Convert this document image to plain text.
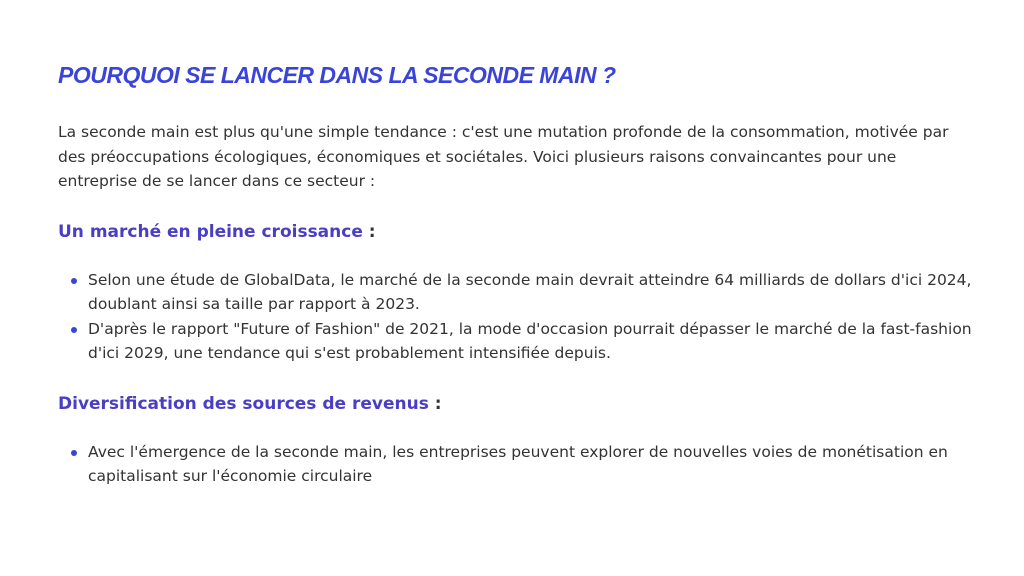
POURQUOI SE LANCER DANS LA SECONDE MAIN ?

La seconde main est plus qu'une simple tendance : c'est une mutation profonde de la consommation, motivée par des préoccupations écologiques, économiques et sociétales. Voici plusieurs raisons convaincantes pour une entreprise de se lancer dans ce secteur :

Un marché en pleine croissance :
Selon une étude de GlobalData, le marché de la seconde main devrait atteindre 64 milliards de dollars d'ici 2024, doublant ainsi sa taille par rapport à 2023.
D'après le rapport "Future of Fashion" de 2021, la mode d'occasion pourrait dépasser le marché de la fast-fashion d'ici 2029, une tendance qui s'est probablement intensifiée depuis.
Diversification des sources de revenus :
Avec l'émergence de la seconde main, les entreprises peuvent explorer de nouvelles voies de monétisation en capitalisant sur l'économie circulaire
